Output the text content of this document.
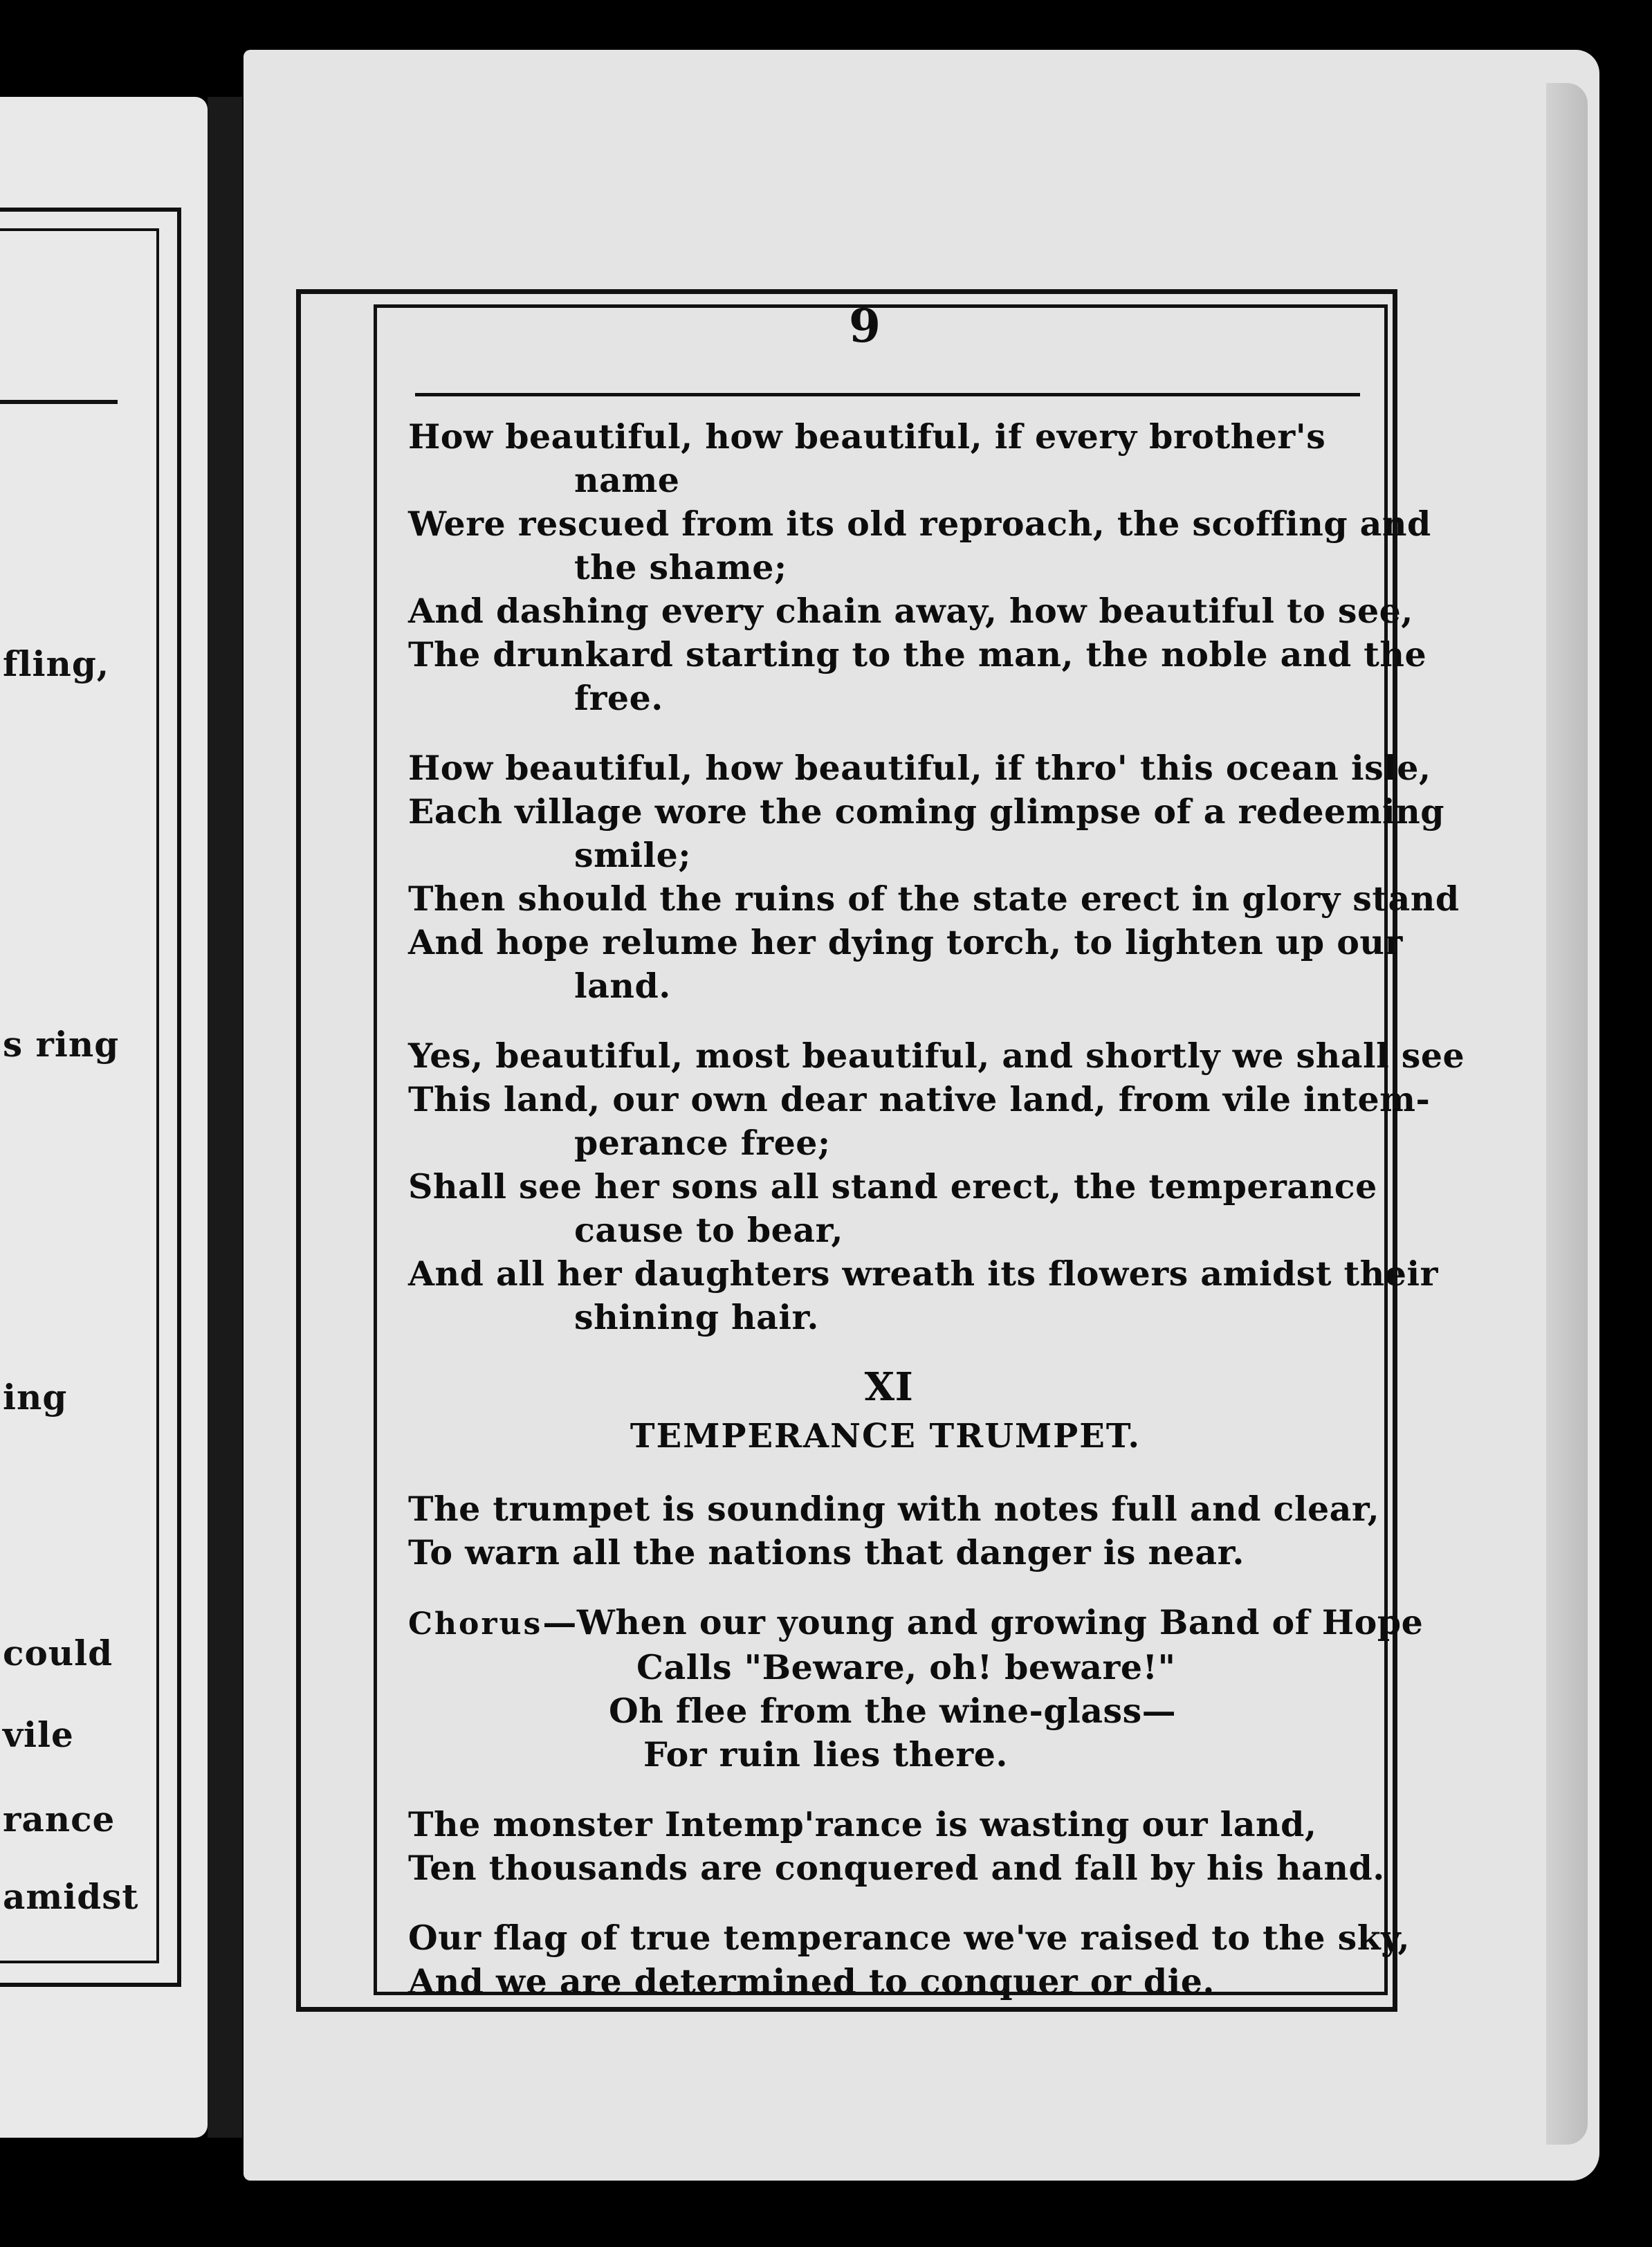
fling,
s ring
ing
could
vile
rance
amidst
9
How beautiful, how beautiful, if every brother's
name
Were rescued from its old reproach, the scoffing and
the shame;
And dashing every chain away, how beautiful to see,
The drunkard starting to the man, the noble and the
free.
How beautiful, how beautiful, if thro' this ocean isle,
Each village wore the coming glimpse of a redeeming
smile;
Then should the ruins of the state erect in glory stand
And hope relume her dying torch, to lighten up our
land.
Yes, beautiful, most beautiful, and shortly we shall see
This land, our own dear native land, from vile intem-
perance free;
Shall see her sons all stand erect, the temperance
cause to bear,
And all her daughters wreath its flowers amidst their
shining hair.
XI
TEMPERANCE TRUMPET.
The trumpet is sounding with notes full and clear,
To warn all the nations that danger is near.
Chorus—When our young and growing Band of Hope
Calls "Beware, oh! beware!"
Oh flee from the wine-glass—
For ruin lies there.
The monster Intemp'rance is wasting our land,
Ten thousands are conquered and fall by his hand.
Our flag of true temperance we've raised to the sky,
And we are determined to conquer or die.
